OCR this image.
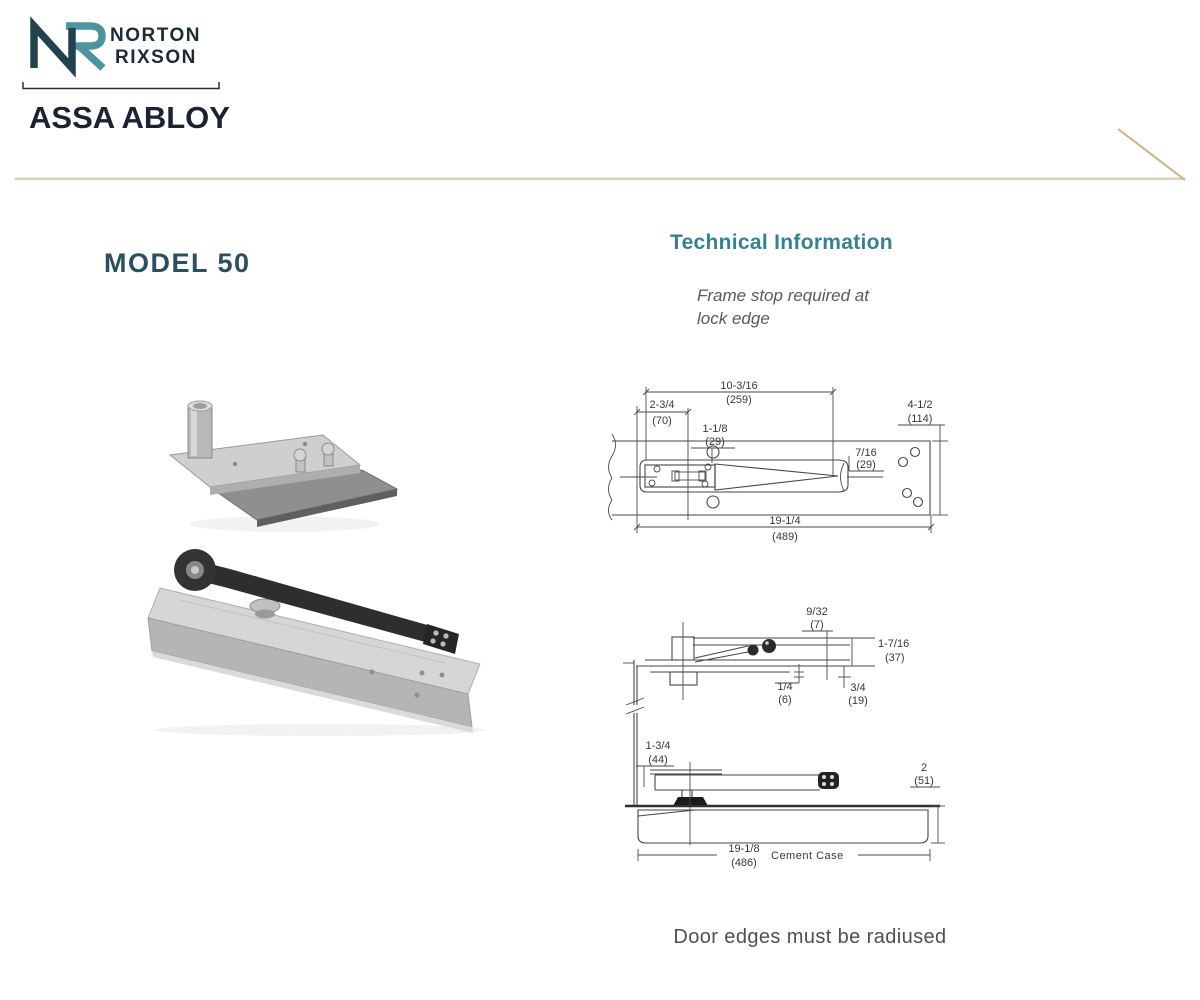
NORTON
RIXSON
ASSA ABLOY
MODEL 50
Technical Information
Frame stop required at
lock edge
10-3/16
(259)
2-3/4
(70)
1-1/8
(29)
4-1/2
(114)
7/16
(29)
19-1/4
(489)
9/32
(7)
1-7/16
(37)
1/4
(6)
3/4
(19)
1-3/4
(44)
2
(51)
19-1/8
(486)
Cement Case
Door edges must be radiused
